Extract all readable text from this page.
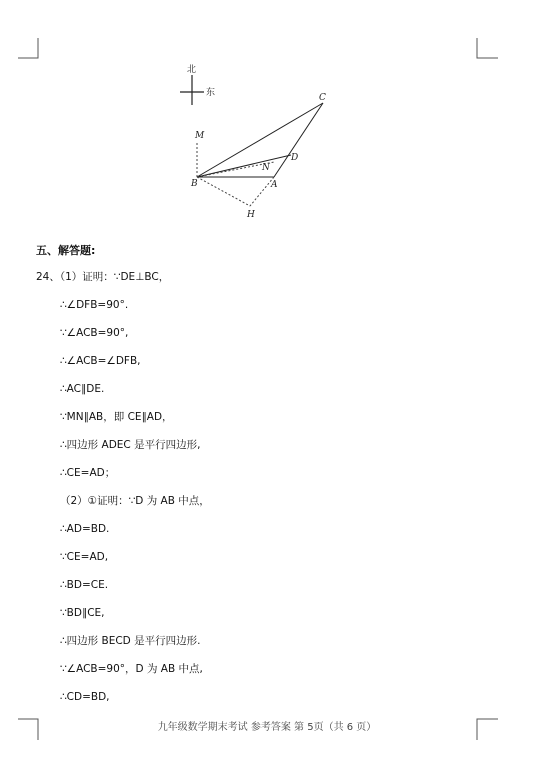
北
东	C
M
N
D
B	A
H
五、解答题:
24、（1）证明：∵DE⊥BC，
∴∠DFB=90°.
∵∠ACB=90°,
∴∠ACB=∠DFB,
∴AC∥DE.
∵MN∥AB，即 CE∥AD，
∴四边形 ADEC 是平行四边形,
∴CE=AD；
（2）①证明：∵D 为 AB 中点，
∴AD=BD.
∵CE=AD,
∴BD=CE.
∵BD∥CE,
∴四边形 BECD 是平行四边形.
∵∠ACB=90°，D 为 AB 中点,
∴CD=BD,
九年级数学期末考试 参考答案 第 5页（共 6 页）
